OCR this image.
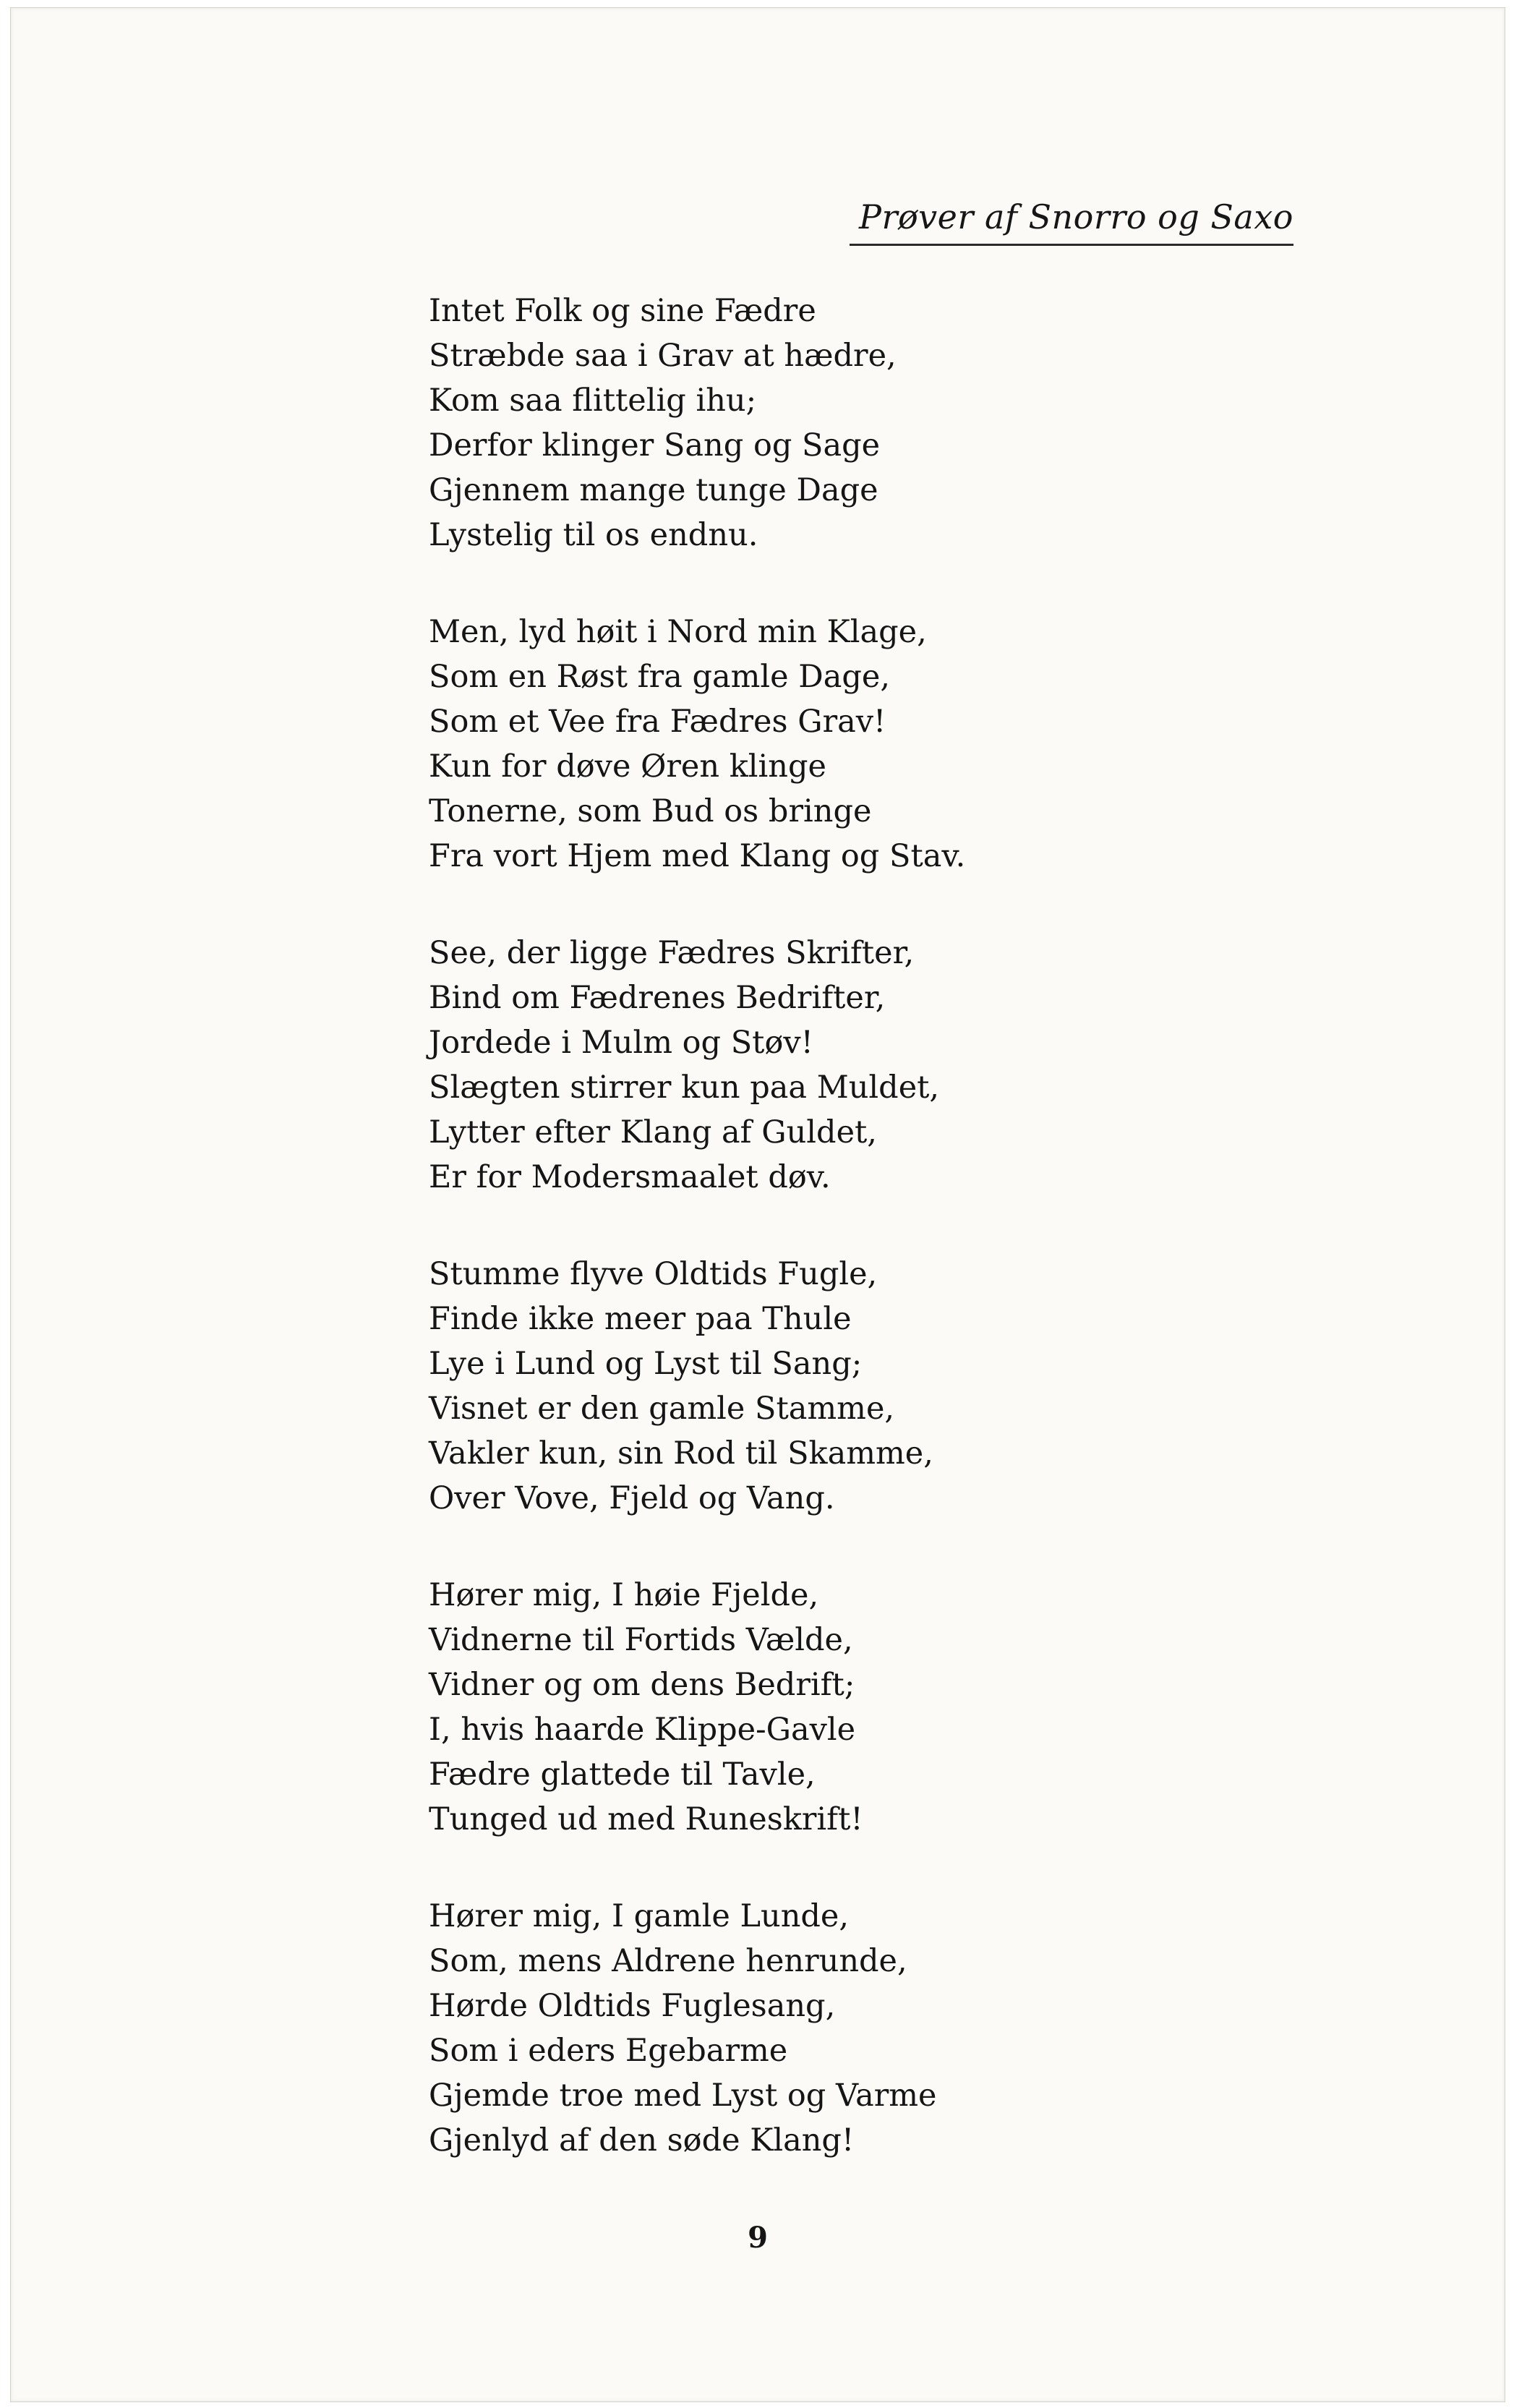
Prøver af Snorro og Saxo
Intet Folk og sine Fædre
Stræbde saa i Grav at hædre,
Kom saa flittelig ihu;
Derfor klinger Sang og Sage
Gjennem mange tunge Dage
Lystelig til os endnu.
Men, lyd høit i Nord min Klage,
Som en Røst fra gamle Dage,
Som et Vee fra Fædres Grav!
Kun for døve Øren klinge
Tonerne, som Bud os bringe
Fra vort Hjem med Klang og Stav.
See, der ligge Fædres Skrifter,
Bind om Fædrenes Bedrifter,
Jordede i Mulm og Støv!
Slægten stirrer kun paa Muldet,
Lytter efter Klang af Guldet,
Er for Modersmaalet døv.
Stumme flyve Oldtids Fugle,
Finde ikke meer paa Thule
Lye i Lund og Lyst til Sang;
Visnet er den gamle Stamme,
Vakler kun, sin Rod til Skamme,
Over Vove, Fjeld og Vang.
Hører mig, I høie Fjelde,
Vidnerne til Fortids Vælde,
Vidner og om dens Bedrift;
I, hvis haarde Klippe-Gavle
Fædre glattede til Tavle,
Tunged ud med Runeskrift!
Hører mig, I gamle Lunde,
Som, mens Aldrene henrunde,
Hørde Oldtids Fuglesang,
Som i eders Egebarme
Gjemde troe med Lyst og Varme
Gjenlyd af den søde Klang!
9
